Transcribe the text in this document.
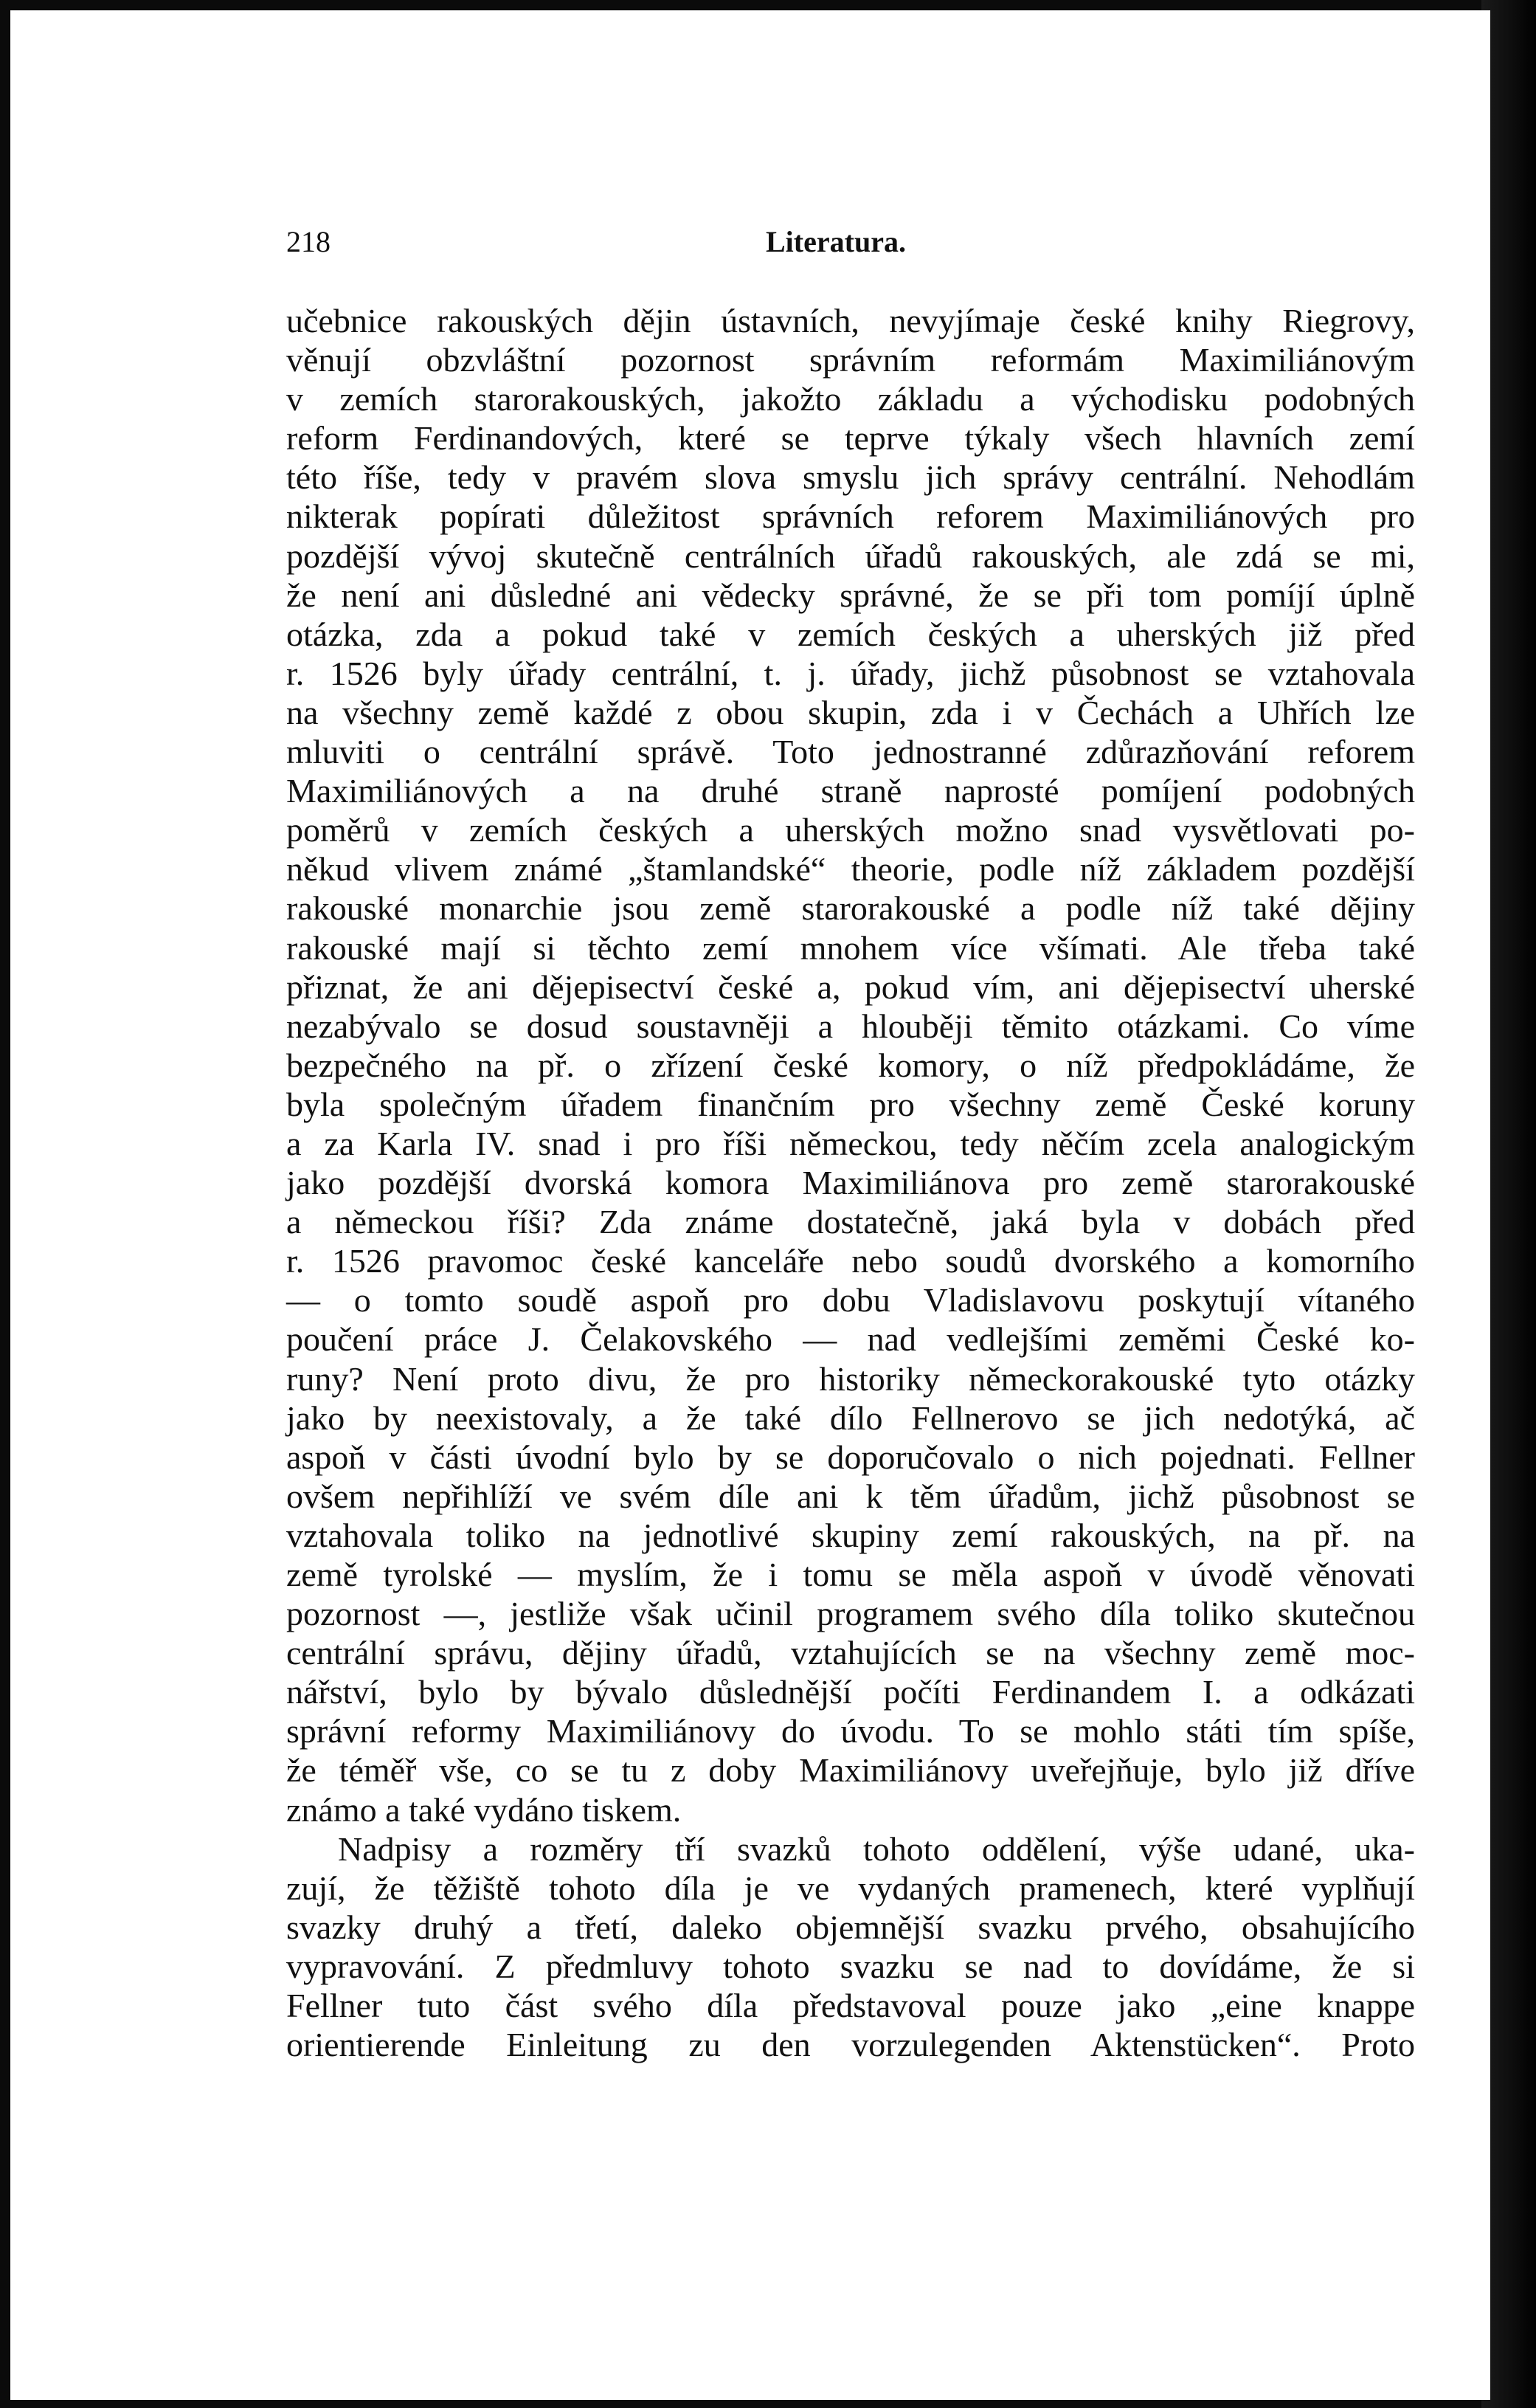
218	Literatura.
učebnice rakouských dějin ústavních, nevyjímaje české knihy Riegrovy,
věnují obzvláštní pozornost správním reformám Maximiliánovým
v zemích starorakouských, jakožto základu a východisku podobných
reform Ferdinandových, které se teprve týkaly všech hlavních zemí
této říše, tedy v pravém slova smyslu jich správy centrální. Nehodlám
nikterak popírati důležitost správních reforem Maximiliánových pro
pozdější vývoj skutečně centrálních úřadů rakouských, ale zdá se mi,
že není ani důsledné ani vědecky správné, že se při tom pomíjí úplně
otázka, zda a pokud také v zemích českých a uherských již před
r. 1526 byly úřady centrální, t. j. úřady, jichž působnost se vztahovala
na všechny země každé z obou skupin, zda i v Čechách a Uhřích lze
mluviti o centrální správě. Toto jednostranné zdůrazňování reforem
Maximiliánových a na druhé straně naprosté pomíjení podobných
poměrů v zemích českých a uherských možno snad vysvětlovati po-
někud vlivem známé „štamlandské“ theorie, podle níž základem pozdější
rakouské monarchie jsou země starorakouské a podle níž také dějiny
rakouské mají si těchto zemí mnohem více všímati. Ale třeba také
přiznat, že ani dějepisectví české a, pokud vím, ani dějepisectví uherské
nezabývalo se dosud soustavněji a hlouběji těmito otázkami. Co víme
bezpečného na př. o zřízení české komory, o níž předpokládáme, že
byla společným úřadem finančním pro všechny země České koruny
a za Karla IV. snad i pro říši německou, tedy něčím zcela analogickým
jako pozdější dvorská komora Maximiliánova pro země starorakouské
a německou říši? Zda známe dostatečně, jaká byla v dobách před
r. 1526 pravomoc české kanceláře nebo soudů dvorského a komorního
— o tomto soudě aspoň pro dobu Vladislavovu poskytují vítaného
poučení práce J. Čelakovského — nad vedlejšími zeměmi České ko-
runy? Není proto divu, že pro historiky německorakouské tyto otázky
jako by neexistovaly, a že také dílo Fellnerovo se jich nedotýká, ač
aspoň v části úvodní bylo by se doporučovalo o nich pojednati. Fellner
ovšem nepřihlíží ve svém díle ani k těm úřadům, jichž působnost se
vztahovala toliko na jednotlivé skupiny zemí rakouských, na př. na
země tyrolské — myslím, že i tomu se měla aspoň v úvodě věnovati
pozornost —, jestliže však učinil programem svého díla toliko skutečnou
centrální správu, dějiny úřadů, vztahujících se na všechny země moc-
nářství, bylo by bývalo důslednější počíti Ferdinandem I. a odkázati
správní reformy Maximiliánovy do úvodu. To se mohlo státi tím spíše,
že téměř vše, co se tu z doby Maximiliánovy uveřejňuje, bylo již dříve
známo a také vydáno tiskem.
Nadpisy a rozměry tří svazků tohoto oddělení, výše udané, uka-
zují, že těžiště tohoto díla je ve vydaných pramenech, které vyplňují
svazky druhý a třetí, daleko objemnější svazku prvého, obsahujícího
vypravování. Z předmluvy tohoto svazku se nad to dovídáme, že si
Fellner tuto část svého díla představoval pouze jako „eine knappe
orientierende Einleitung zu den vorzulegenden Aktenstücken“. Proto
